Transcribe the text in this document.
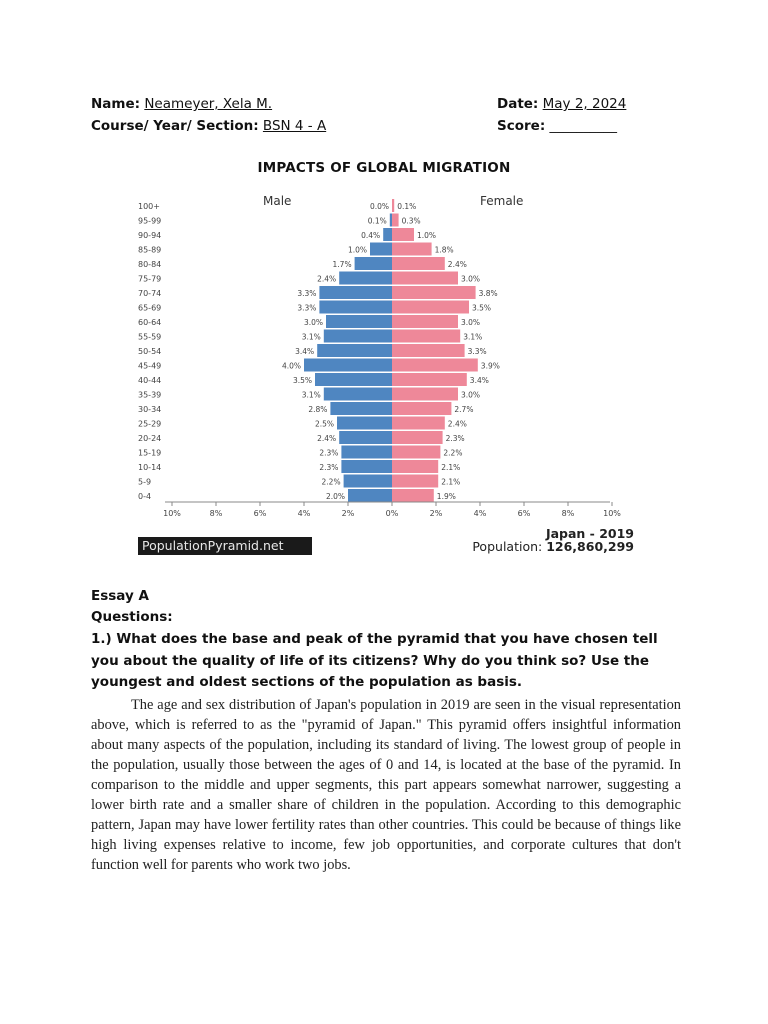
Name: Neameyer, Xela M.
Course/ Year/ Section: BSN 4 - A
Date: May 2, 2024
Score: __________
IMPACTS OF GLOBAL MIGRATION
Male	Female
100+	0.0% 0.1%
95-99	0.1% 0.3%
90-94	0.4%	1.0%
85-89	1.0%	1.8%
80-84	1.7%	2.4%
75-79	2.4%	3.0%
70-74	3.3%	3.8%
65-69	3.3%	3.5%
60-64	3.0%	3.0%
55-59	3.1%	3.1%
50-54	3.4%	3.3%
45-49	4.0%	3.9%
40-44	3.5%	3.4%
35-39	3.1%	3.0%
30-34	2.8%	2.7%
25-29	2.5%	2.4%
20-24	2.4%	2.3%
15-19	2.3%	2.2%
10-14	2.3%	2.1%
5-9	2.2%	2.1%
0-4	2.0%	1.9%
10%	8%	6%	4%	2%	0%	2%	4%	6%	8%	10%
PopulationPyramid.net
Japan - 2019
Population: 126,860,299
Essay A
Questions:
1.) What does the base and peak of the pyramid that you have chosen tell you about the quality of life of its citizens? Why do you think so? Use the youngest and oldest sections of the population as basis.
The age and sex distribution of Japan's population in 2019 are seen in the visual representation above, which is referred to as the "pyramid of Japan." This pyramid offers insightful information about many aspects of the population, including its standard of living. The lowest group of people in the population, usually those between the ages of 0 and 14, is located at the base of the pyramid. In comparison to the middle and upper segments, this part appears somewhat narrower, suggesting a lower birth rate and a smaller share of children in the population. According to this demographic pattern, Japan may have lower fertility rates than other countries. This could be because of things like high living expenses relative to income, few job opportunities, and corporate cultures that don't function well for parents who work two jobs.
